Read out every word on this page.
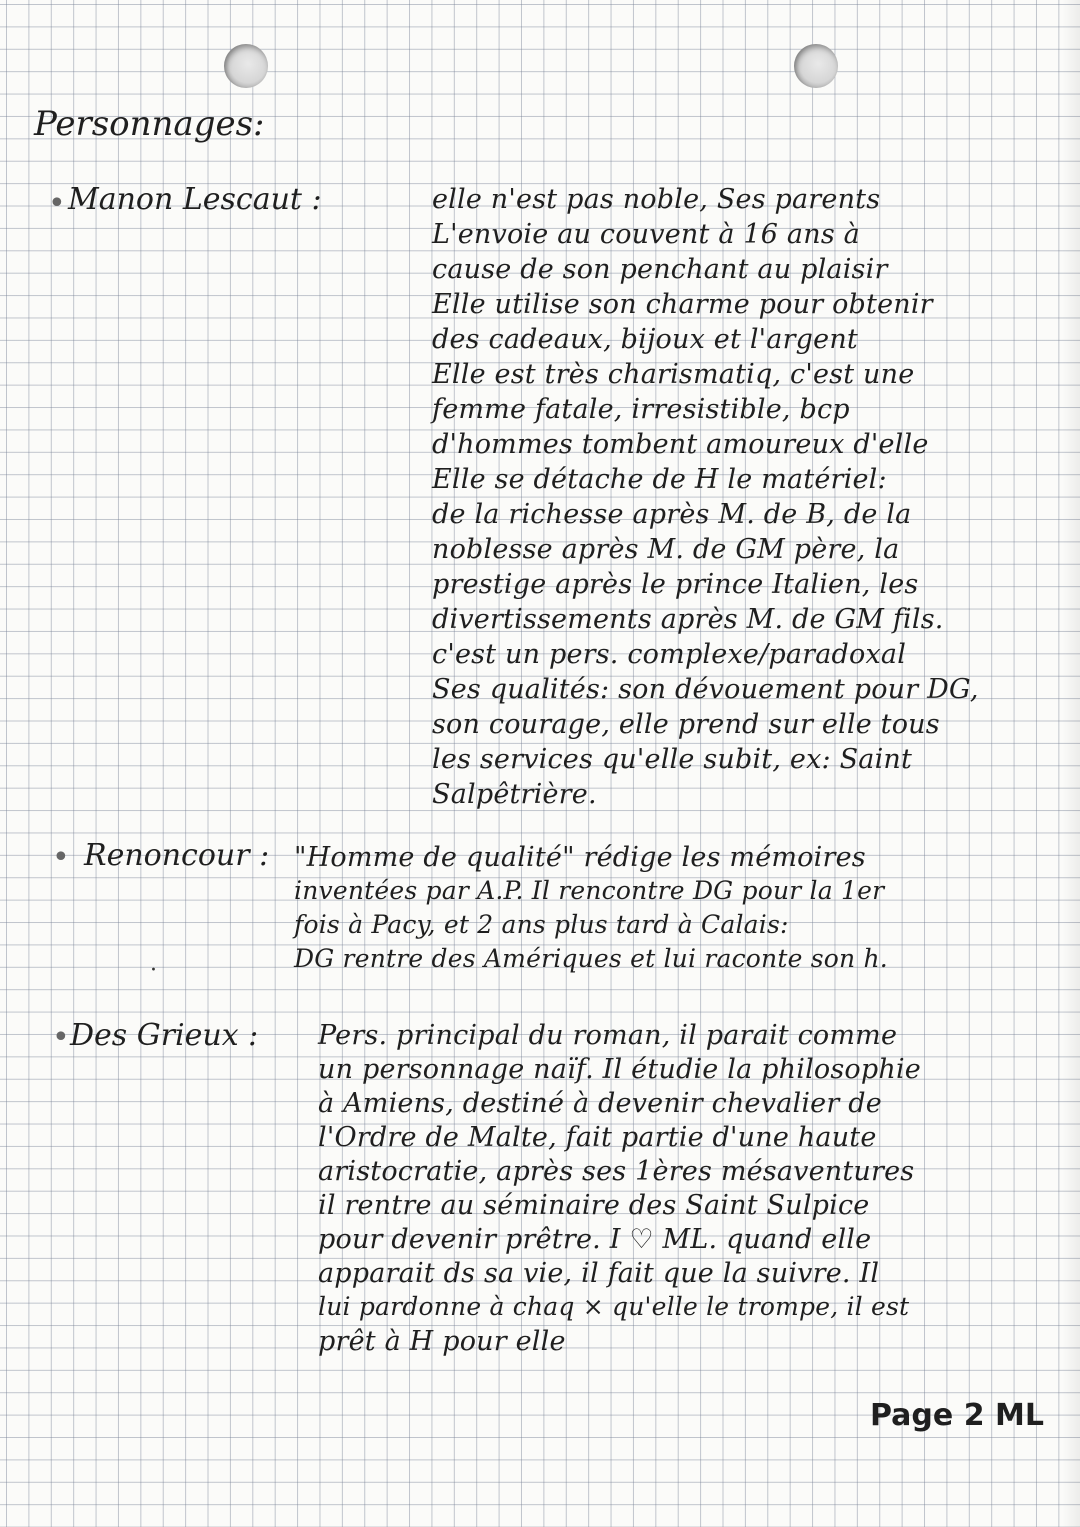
Personnages:
• Manon Lescaut :	elle n'est pas noble, Ses parents
L'envoie au couvent à 16 ans à
cause de son penchant au plaisir
Elle utilise son charme pour obtenir
des cadeaux, bijoux et l'argent
Elle est très charismatiq, c'est une
femme fatale, irresistible, bcp
d'hommes tombent amoureux d'elle
Elle se détache de H le matériel:
de la richesse après M. de B, de la
noblesse après M. de GM père, la
prestige après le prince Italien, les
divertissements après M. de GM fils.
c'est un pers. complexe/paradoxal
Ses qualités: son dévouement pour DG,
son courage, elle prend sur elle tous
les services qu'elle subit, ex: Saint
Salpêtrière.
• Renoncour : "Homme de qualité" rédige les mémoires
inventées par A.P. Il rencontre DG pour la 1er
fois à Pacy, et 2 ans plus tard à Calais:
DG rentre des Amériques et lui raconte son h.
·
• Des Grieux : Pers. principal du roman, il parait comme
un personnage naïf. Il étudie la philosophie
à Amiens, destiné à devenir chevalier de
l'Ordre de Malte, fait partie d'une haute
aristocratie, après ses 1ères mésaventures
il rentre au séminaire des Saint Sulpice
pour devenir prêtre. I ♡ ML. quand elle
apparait ds sa vie, il fait que la suivre. Il
lui pardonne à chaq × qu'elle le trompe, il est
prêt à H pour elle
Page 2 ML
